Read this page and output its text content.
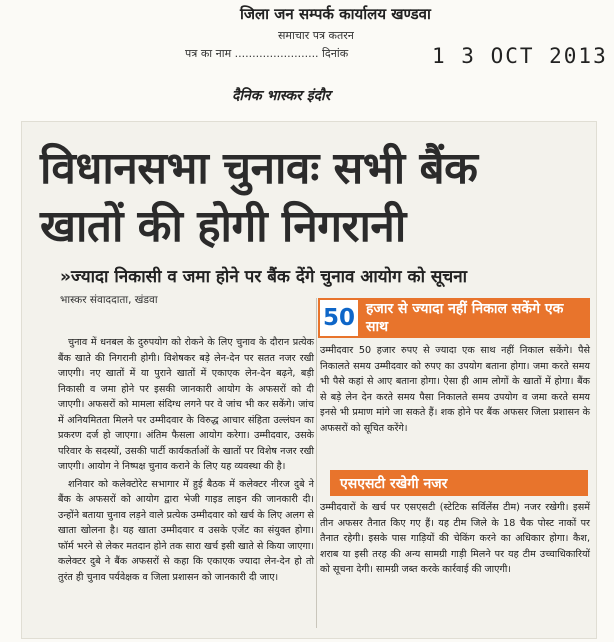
जिला जन सम्पर्क कार्यालय खण्डवा
समाचार पत्र कतरन
पत्र का नाम ........................ दिनांक	1 3 OCT 2013
दैनिक भास्कर इंदौर
विधानसभा चुनावः सभी बैंक खातों की होगी निगरानी
»ज्यादा निकासी व जमा होने पर बैंक देंगे चुनाव आयोग को सूचना
भास्कर संवाददाता, खंडवा

चुनाव में धनबल के दुरुपयोग को रोकने के लिए चुनाव के दौरान प्रत्येक बैंक खाते की निगरानी होगी। विशेषकर बड़े लेन-देन पर सतत नजर रखी जाएगी। नए खातों में या पुराने खातों में एकाएक लेन-देन बढ़ने, बड़ी निकासी व जमा होने पर इसकी जानकारी आयोग के अफसरों को दी जाएगी। अफसरों को मामला संदिग्ध लगने पर वे जांच भी कर सकेंगे। जांच में अनियमितता मिलने पर उम्मीदवार के विरुद्ध आचार संहिता उल्लंघन का प्रकरण दर्ज हो जाएगा। अंतिम फैसला आयोग करेगा। उम्मीदवार, उसके परिवार के सदस्यों, उसकी पार्टी कार्यकर्ताओं के खातों पर विशेष नजर रखी जाएगी। आयोग ने निष्पक्ष चुनाव कराने के लिए यह व्यवस्था की है।

शनिवार को कलेक्टोरेट सभागार में हुई बैठक में कलेक्टर नीरज दुबे ने बैंक के अफसरों को आयोग द्वारा भेजी गाइड लाइन की जानकारी दी। उन्होंने बताया चुनाव लड़ने वाले प्रत्येक उम्मीदवार को खर्च के लिए अलग से खाता खोलना है। यह खाता उम्मीदवार व उसके एजेंट का संयुक्त होगा। फॉर्म भरने से लेकर मतदान होने तक सारा खर्च इसी खाते से किया जाएगा। कलेक्टर दुबे ने बैंक अफसरों से कहा कि एकाएक ज्यादा लेन-देन हो तो तुरंत ही चुनाव पर्यवेक्षक व जिला प्रशासन को जानकारी दी जाए।

50 हजार से ज्यादा नहीं निकाल सकेंगे एक साथ
उम्मीदवार 50 हजार रुपए से ज्यादा एक साथ नहीं निकाल सकेंगे। पैसे निकालते समय उम्मीदवार को रुपए का उपयोग बताना होगा। जमा करते समय भी पैसे कहां से आए बताना होगा। ऐसा ही आम लोगों के खातों में होगा। बैंक से बड़े लेन देन करते समय पैसा निकालते समय उपयोग व जमा करते समय इनसे भी प्रमाण मांगे जा सकते हैं। शक होने पर बैंक अफसर जिला प्रशासन के अफसरों को सूचित करेंगे।
एसएसटी रखेगी नजर
उम्मीदवारों के खर्च पर एसएसटी (स्टेटिक सर्विलेंस टीम) नजर रखेगी। इसमें तीन अफसर तैनात किए गए हैं। यह टीम जिले के 18 चैक पोस्ट नाकों पर तैनात रहेगी। इसके पास गाड़ियों की चेकिंग करने का अधिकार होगा। कैश, शराब या इसी तरह की अन्य सामग्री गाड़ी मिलने पर यह टीम उच्चाधिकारियों को सूचना देगी। सामग्री जब्त करके कार्रवाई की जाएगी।
